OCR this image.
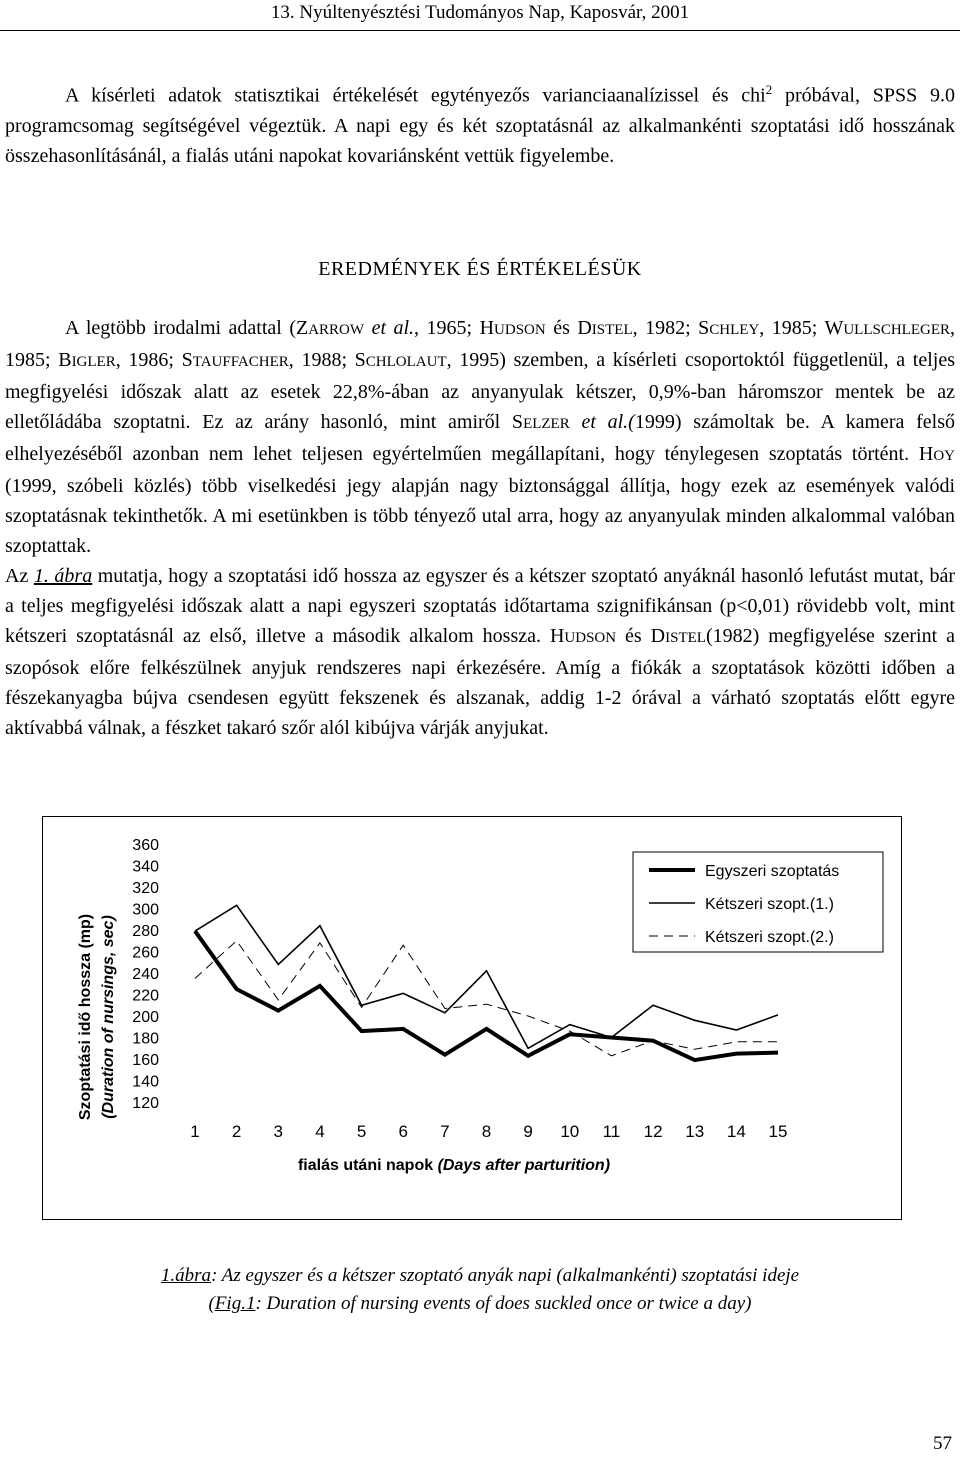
13. Nyúltenyésztési Tudományos Nap, Kaposvár, 2001

A kísérleti adatok statisztikai értékelését egytényezős varianciaanalízissel és chi$^2$ próbával, SPSS 9.0 programcsomag segítségével végeztük. A napi egy és két szoptatásnál az alkalmankénti szoptatási idő hosszának összehasonlításánál, a fialás utáni napokat kovariánsként vettük figyelembe.

EREDMÉNYEK ÉS ÉRTÉKELÉSÜK

A legtöbb irodalmi adattal (ZARROW et al., 1965; HUDSON és DISTEL, 1982; SCHLEY, 1985; WULLSCHLEGER, 1985; BIGLER, 1986; STAUFFACHER, 1988; SCHLOLAUT, 1995) szemben, a kísérleti csoportoktól függetlenül, a teljes megfigyelési időszak alatt az esetek 22,8%-ában az anyanyulak kétszer, 0,9%-ban háromszor mentek be az elletőládába szoptatni. Ez az arány hasonló, mint amiről SELZER et al.(1999) számoltak be. A kamera felső elhelyezéséből azonban nem lehet teljesen egyértelműen megállapítani, hogy ténylegesen szoptatás történt. HOY (1999, szóbeli közlés) több viselkedési jegy alapján nagy biztonsággal állítja, hogy ezek az események valódi szoptatásnak tekinthetők. A mi esetünkben is több tényező utal arra, hogy az anyanyulak minden alkalommal valóban szoptattak.

Az 1. ábra mutatja, hogy a szoptatási idő hossza az egyszer és a kétszer szoptató anyáknál hasonló lefutást mutat, bár a teljes megfigyelési időszak alatt a napi egyszeri szoptatás időtartama szignifikánsan (p<0,01) rövidebb volt, mint kétszeri szoptatásnál az első, illetve a második alkalom hossza. HUDSON és DISTEL(1982) megfigyelése szerint a szopósok előre felkészülnek anyjuk rendszeres napi érkezésére. Amíg a fiókák a szoptatások közötti időben a fészekanyagba bújva csendesen együtt fekszenek és alszanak, addig 1-2 órával a várható szoptatás előtt egyre aktívabbá válnak, a fészket takaró szőr alól kibújva várják anyjukat.

Szoptatási idő hossza (mp) (Duration of nursings, sec) 120
140
160
180
200
220
240
260
280
300
320
340
360
1 2 3 4 5 6 7 8 9 10 11 12 13 14 15
fialás utáni napok (Days after parturition)
Egyszeri szoptatás
Kétszeri szopt.(1.)
Kétszeri szopt.(2.)
1.ábra: Az egyszer és a kétszer szoptató anyák napi (alkalmankénti) szoptatási ideje
(Fig.1: Duration of nursing events of does suckled once or twice a day)
57
